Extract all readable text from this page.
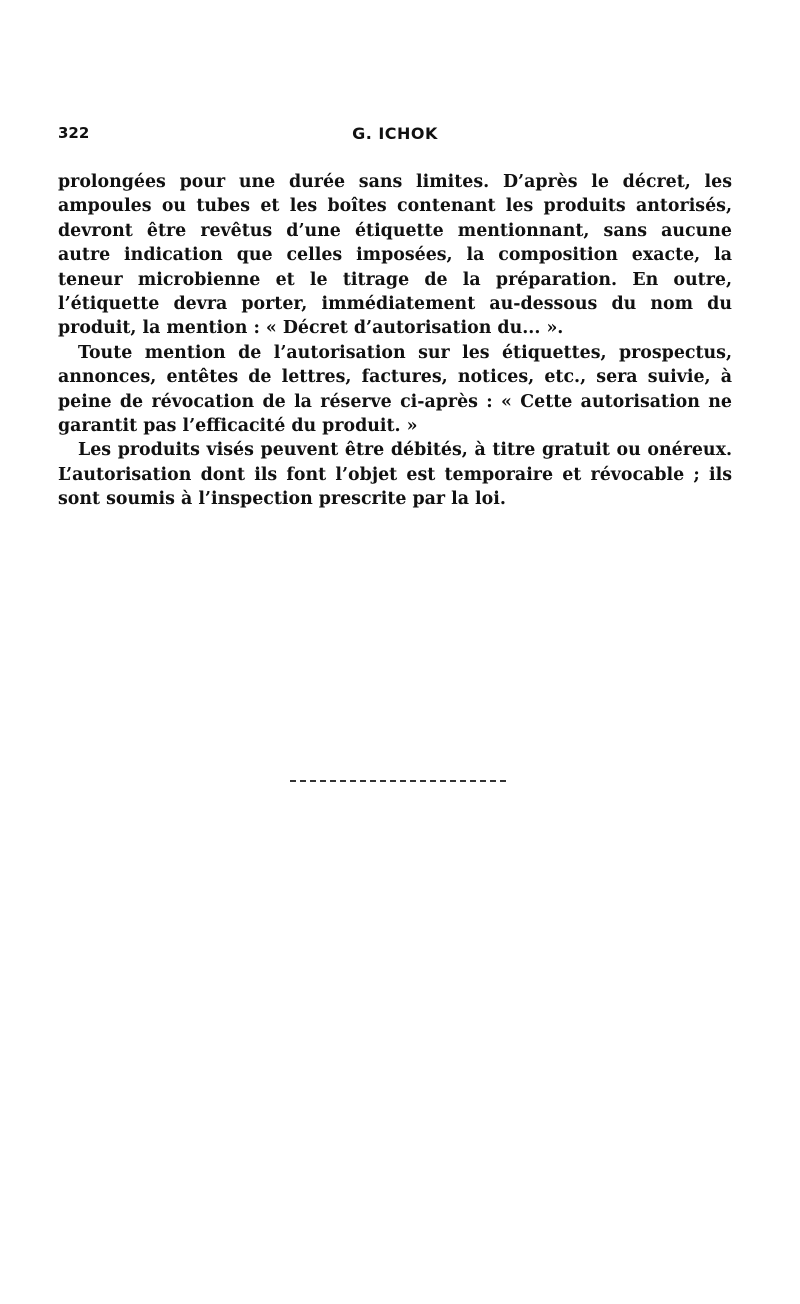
322	G. ICHOK

prolongées pour une durée sans limites. D’après le décret, les ampoules ou tubes et les boîtes contenant les produits antorisés, devront être revêtus d’une étiquette mentionnant, sans aucune autre indication que celles imposées, la composition exacte, la teneur microbienne et le titrage de la préparation. En outre, l’étiquette devra porter, immédiatement au-dessous du nom du produit, la mention : « Décret d’autorisation du... ».

Toute mention de l’autorisation sur les étiquettes, prospectus, annonces, entêtes de lettres, factures, notices, etc., sera suivie, à peine de révocation de la réserve ci-après : « Cette autorisation ne garantit pas l’efficacité du produit. »

Les produits visés peuvent être débités, à titre gratuit ou onéreux. L’autorisation dont ils font l’objet est temporaire et révocable ; ils sont soumis à l’inspection prescrite par la loi.
